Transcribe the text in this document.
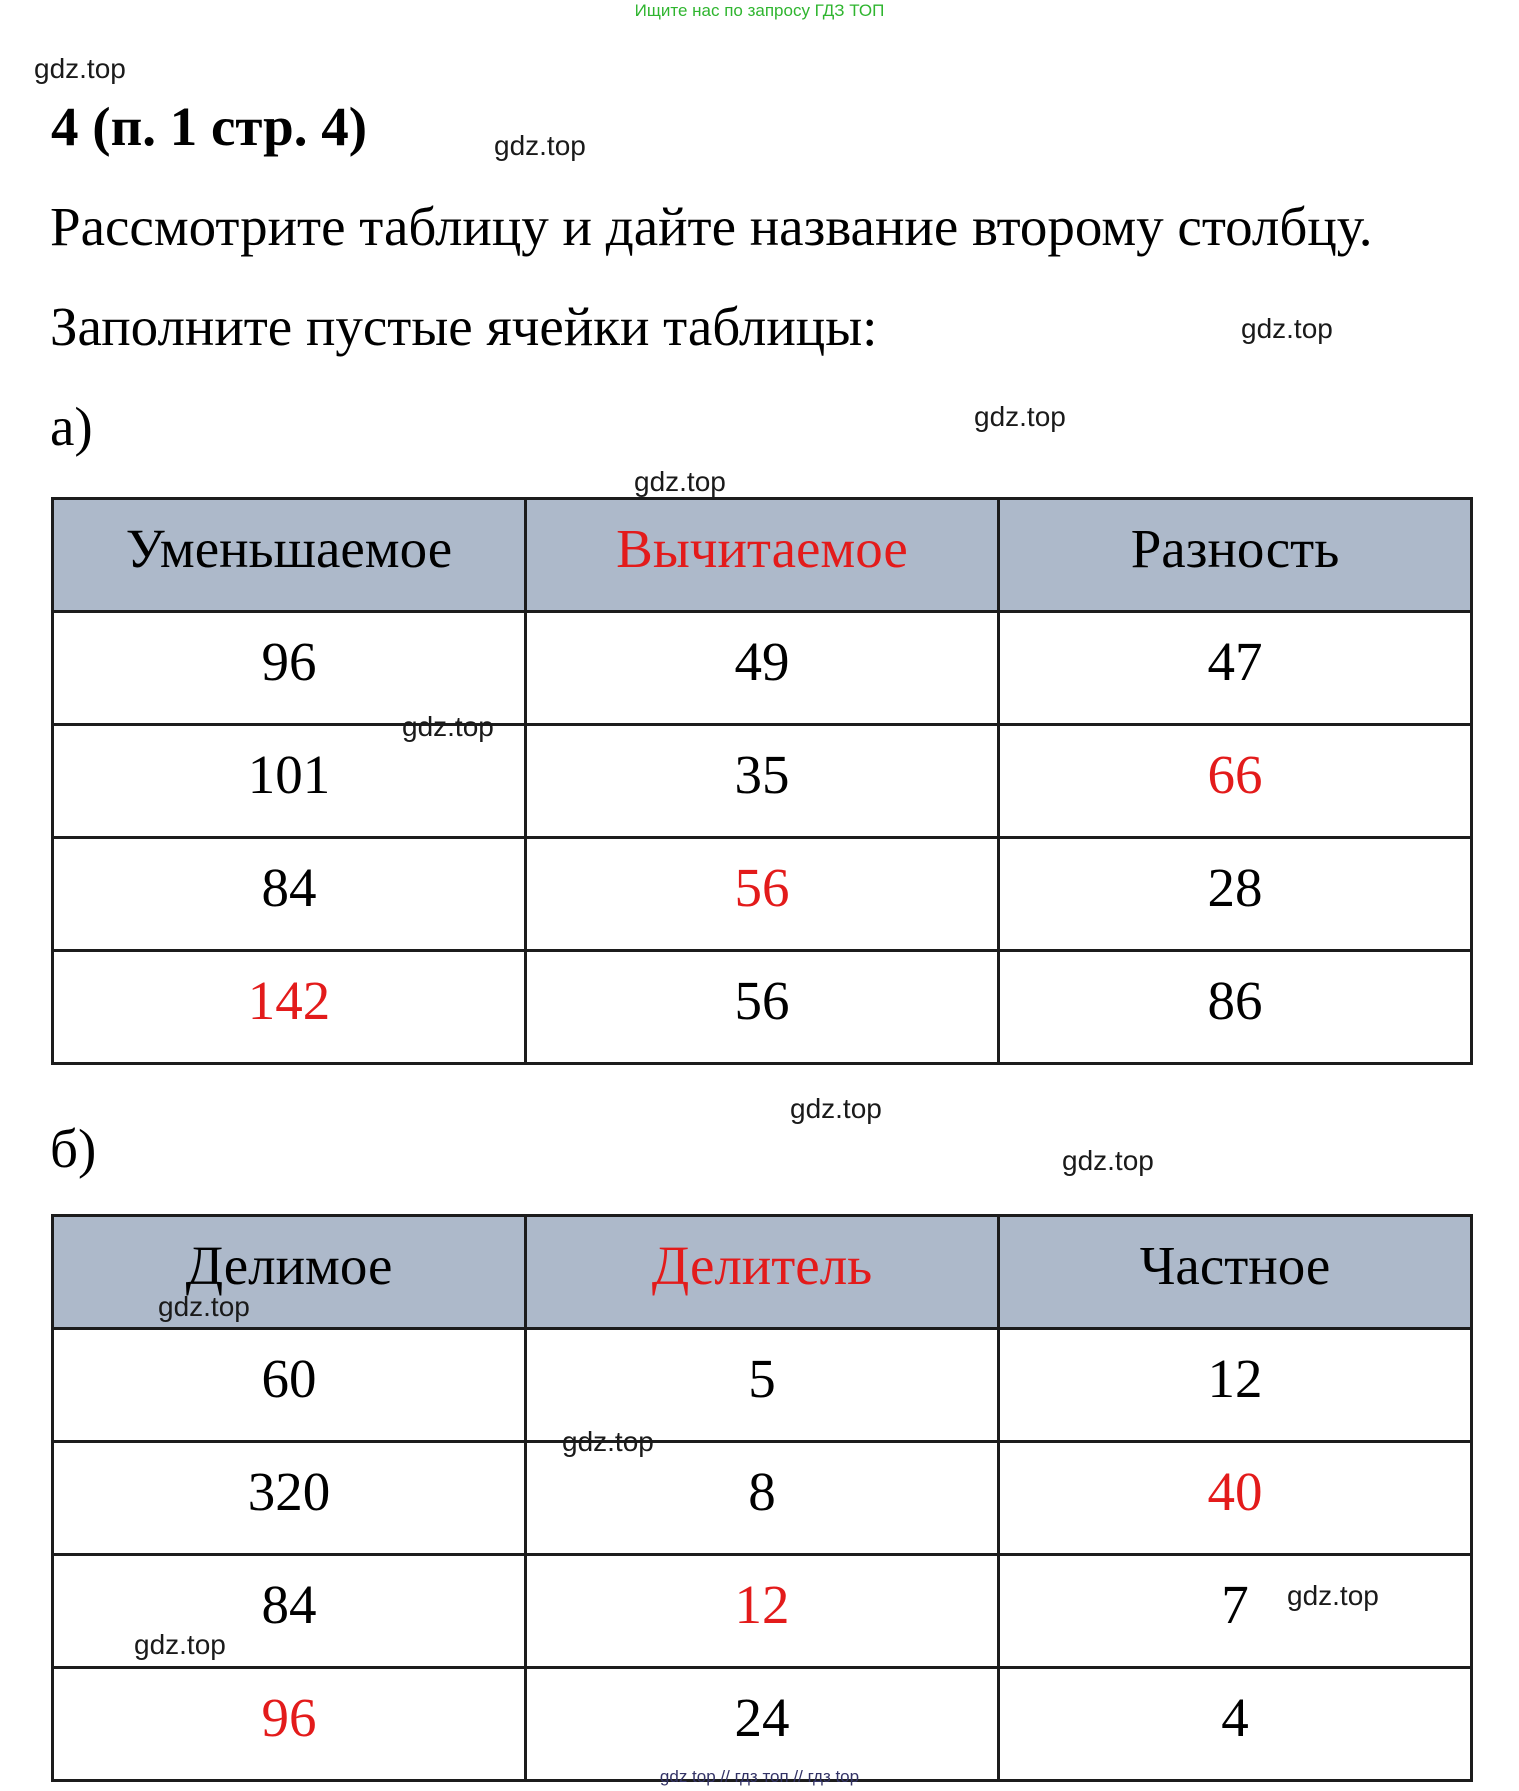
Ищите нас по запросу ГДЗ ТОП
4 (п. 1 стр. 4)
Рассмотрите таблицу и дайте название второму столбцу.
Заполните пустые ячейки таблицы:
а)
Уменьшаемое	Вычитаемое	Разность
96	49	47
101	35	66
84	56	28
142	56	86
б)
Делимое	Делитель	Частное
60	5	12
320	8	40
84	12	7
96	24	4
gdz.top
gdz.top
gdz.top
gdz.top
gdz.top
gdz.top
gdz.top
gdz.top
gdz.top
gdz.top
gdz.top
gdz.top
gdz top // гдз топ // гдз top
